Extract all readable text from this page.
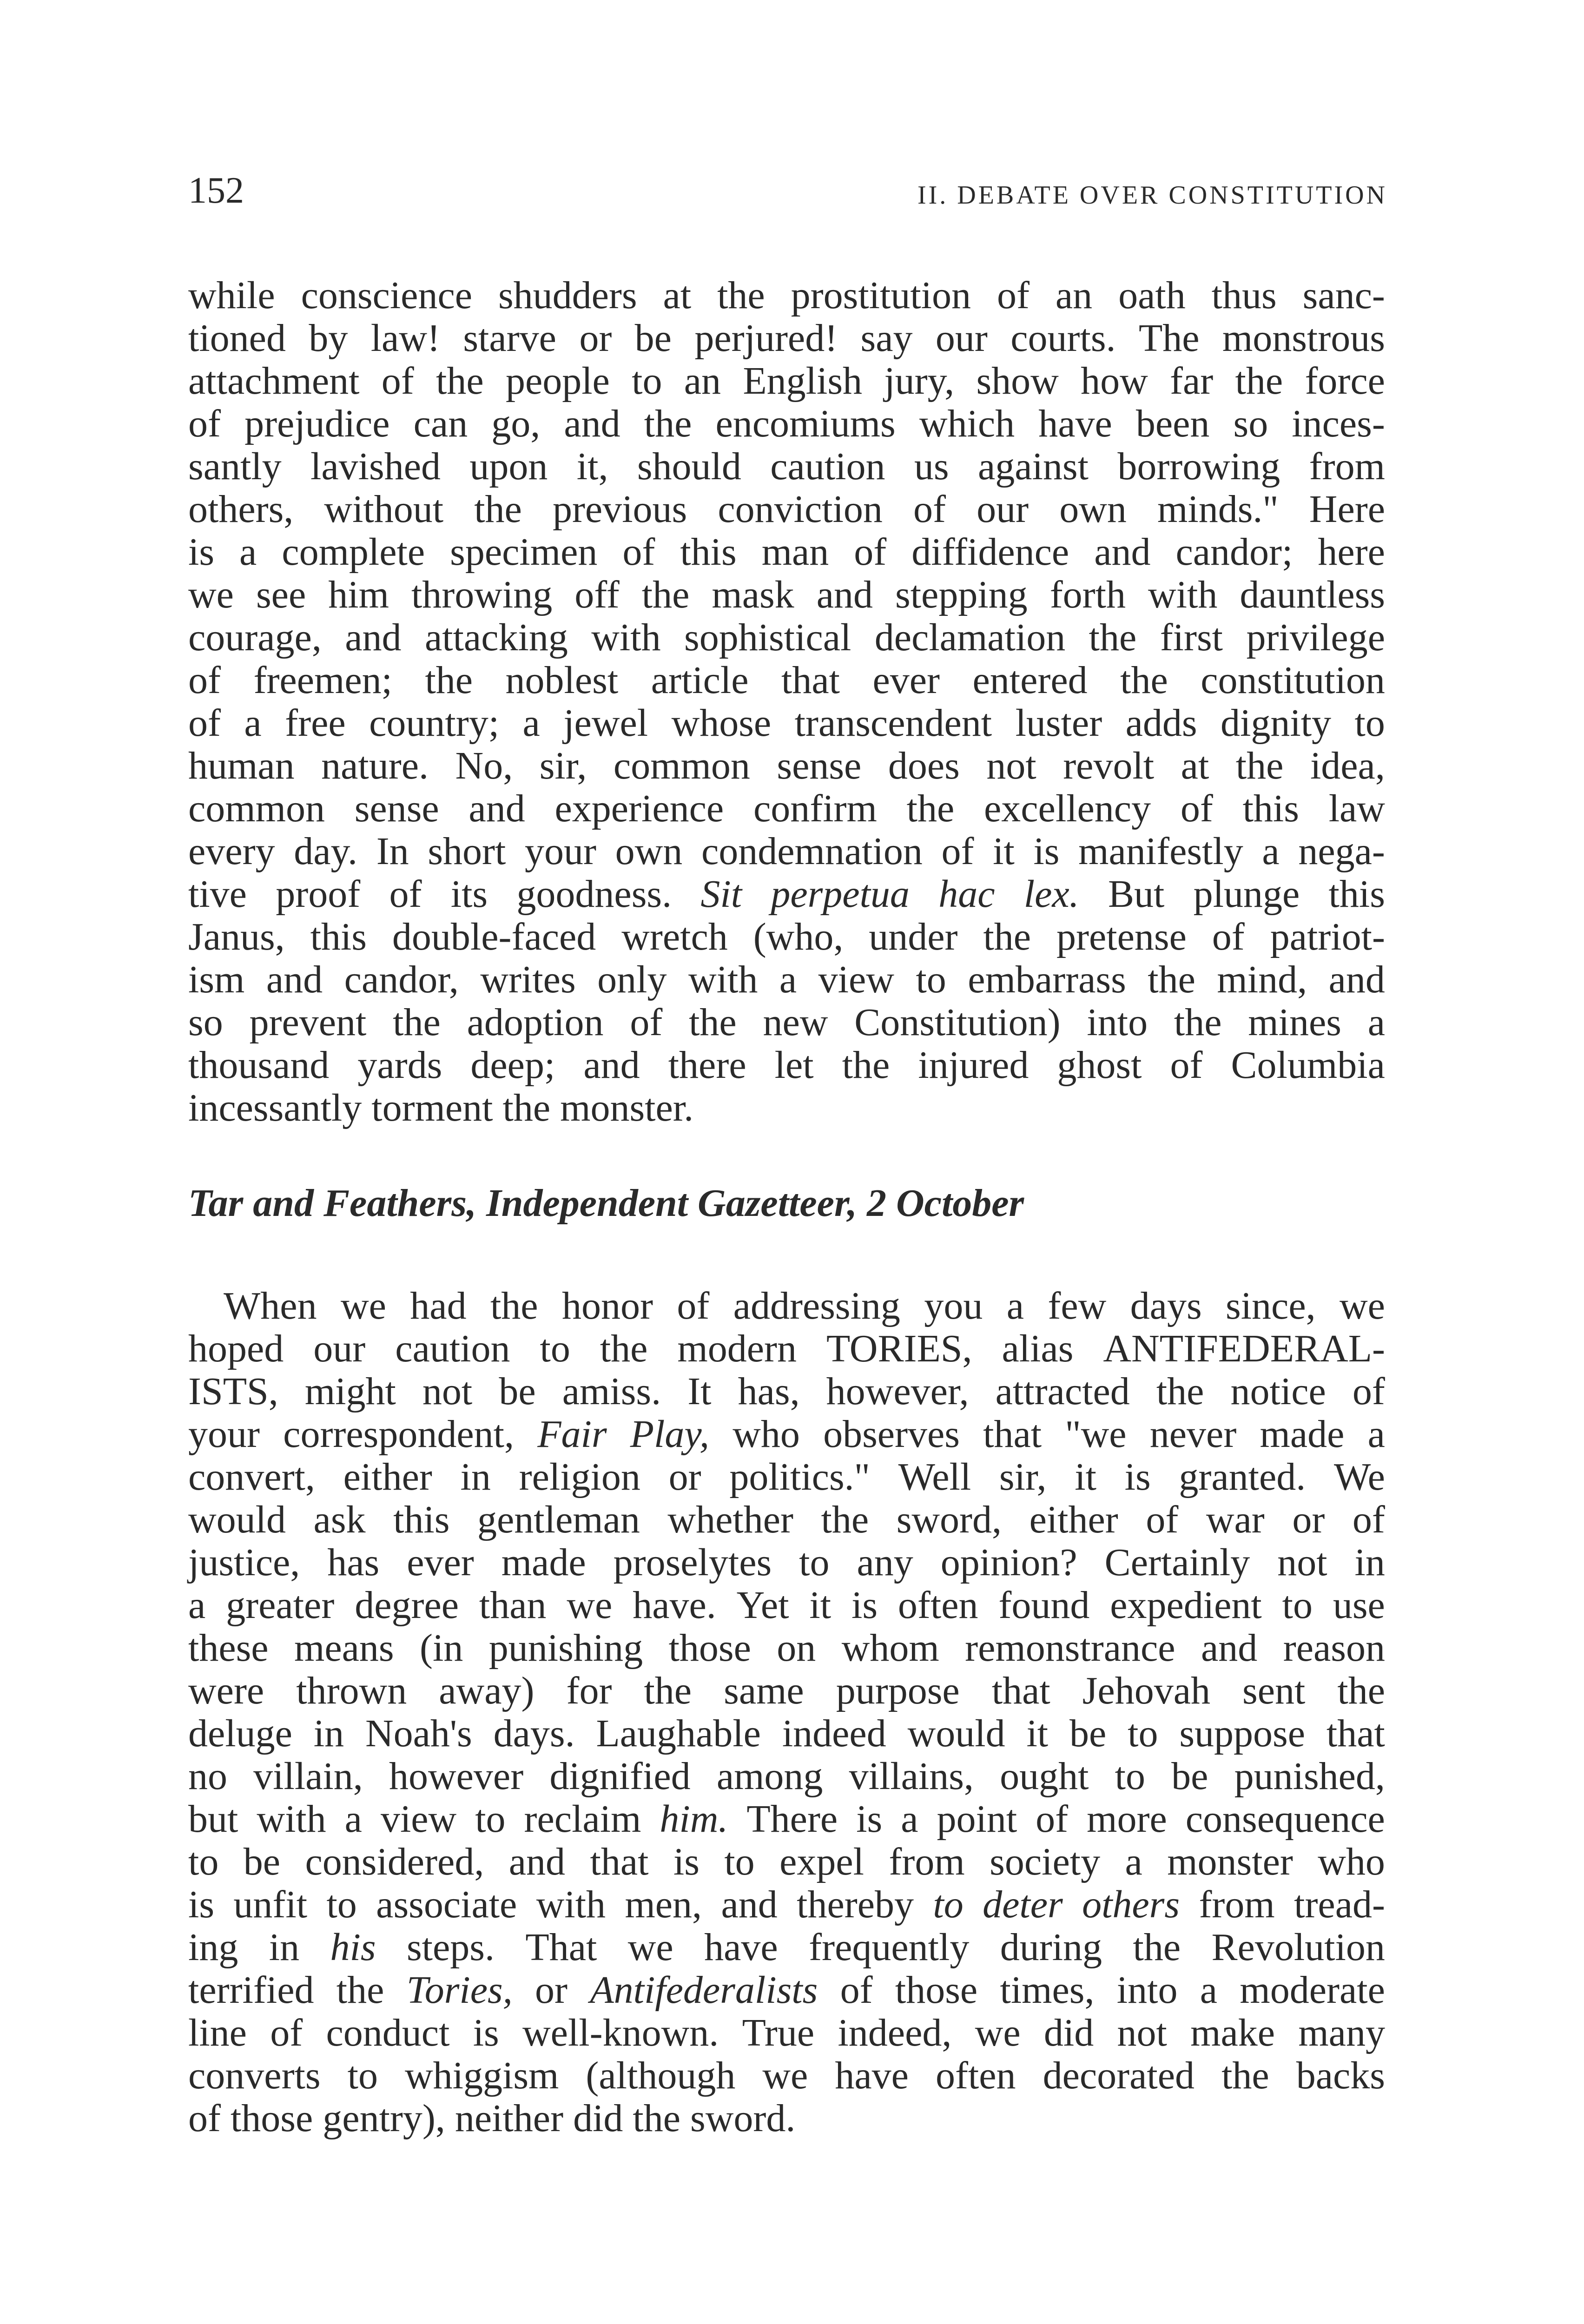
152	II. DEBATE OVER CONSTITUTION
while conscience shudders at the prostitution of an oath thus sanc-
tioned by law! starve or be perjured! say our courts. The monstrous
attachment of the people to an English jury, show how far the force
of prejudice can go, and the encomiums which have been so inces-
santly lavished upon it, should caution us against borrowing from
others, without the previous conviction of our own minds." Here
is a complete specimen of this man of diffidence and candor; here
we see him throwing off the mask and stepping forth with dauntless
courage, and attacking with sophistical declamation the first privilege
of freemen; the noblest article that ever entered the constitution
of a free country; a jewel whose transcendent luster adds dignity to
human nature. No, sir, common sense does not revolt at the idea,
common sense and experience confirm the excellency of this law
every day. In short your own condemnation of it is manifestly a nega-
tive proof of its goodness. Sit perpetua hac lex. But plunge this
Janus, this double-faced wretch (who, under the pretense of patriot-
ism and candor, writes only with a view to embarrass the mind, and
so prevent the adoption of the new Constitution) into the mines a
thousand yards deep; and there let the injured ghost of Columbia
incessantly torment the monster.
Tar and Feathers, Independent Gazetteer, 2 October
When we had the honor of addressing you a few days since, we
hoped our caution to the modern TORIES, alias ANTIFEDERAL-
ISTS, might not be amiss. It has, however, attracted the notice of
your correspondent, Fair Play, who observes that "we never made a
convert, either in religion or politics." Well sir, it is granted. We
would ask this gentleman whether the sword, either of war or of
justice, has ever made proselytes to any opinion? Certainly not in
a greater degree than we have. Yet it is often found expedient to use
these means (in punishing those on whom remonstrance and reason
were thrown away) for the same purpose that Jehovah sent the
deluge in Noah's days. Laughable indeed would it be to suppose that
no villain, however dignified among villains, ought to be punished,
but with a view to reclaim him. There is a point of more consequence
to be considered, and that is to expel from society a monster who
is unfit to associate with men, and thereby to deter others from tread-
ing in his steps. That we have frequently during the Revolution
terrified the Tories, or Antifederalists of those times, into a moderate
line of conduct is well-known. True indeed, we did not make many
converts to whiggism (although we have often decorated the backs
of those gentry), neither did the sword.
